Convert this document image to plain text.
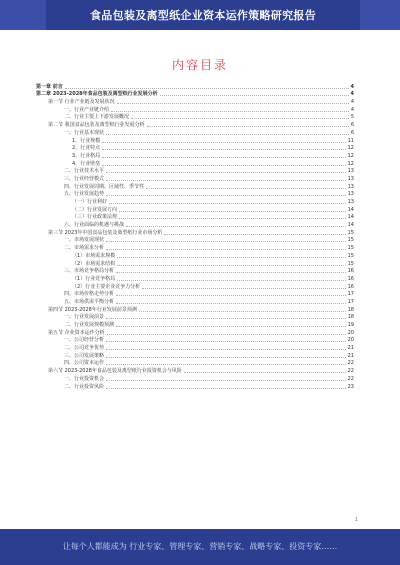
食品包装及离型纸企业资本运作策略研究报告
内容目录
第一章 前言	4
第二章 2023-2028年食品包装及离型纸行业发展分析	4
第一节 行业产业链及发展状况	4
一、行业产业链介绍	4
二、行业主要上下游发展概况	5
第二节 我国食品包装及离型纸行业发展分析	6
一、行业基本现状	6
1、行业规模	11
2、行业特点	12
3、行业格局	12
4、行业壁垒	12
二、行业技术水平	13
三、行业经营模式	13
四、行业发展周期、区域性、季节性	13
五、行业发展趋势	13
（一）行业利好	13
（二）行业发展方向	14
（三）行业政策法规	14
六、行业面临的机遇与挑战	14
第三节 2023年中国食品包装及离型纸行业市场分析	15
一、市场发展现状	15
二、市场需求分析	15
（1）市场需求规模	15
（2）市场需求结构	15
三、市场竞争格局分析	16
（1）行业竞争格局	16
（2）行业主要企业竞争力分析	16
四、市场价格走势分析	17
五、市场供需平衡分析	17
第四节 2023-2028年行业发展前景预测	18
一、行业发展前景	18
二、行业发展规模预测	19
第五节 企业资本运作分析	20
一、公司经营分析	20
二、公司竞争优势	21
三、公司发展策略	21
四、公司资本运作	22
第六节 2023-2028年食品包装及离型纸行业投资机会与风险	22
一、行业投资机会	22
二、行业投资风险	23
1
让每个人都能成为 行业专家、管理专家、营销专家、战略专家、投资专家……
